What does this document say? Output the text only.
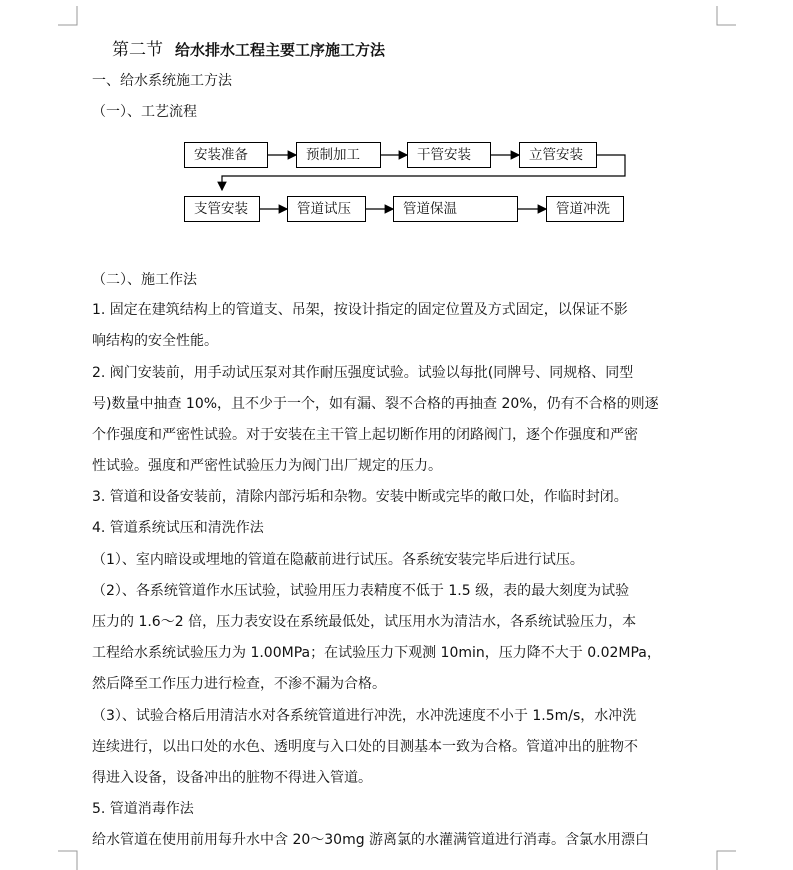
第二节 给水排水工程主要工序施工方法
一、给水系统施工方法
（一）、工艺流程
安装准备	预制加工	干管安装	立管安装
支管安装	管道试压	管道保温	管道冲洗
（二）、施工作法
1. 固定在建筑结构上的管道支、吊架，按设计指定的固定位置及方式固定，以保证不影
响结构的安全性能。
2. 阀门安装前，用手动试压泵对其作耐压强度试验。试验以每批(同牌号、同规格、同型
号)数量中抽查 10%，且不少于一个，如有漏、裂不合格的再抽查 20%，仍有不合格的则逐
个作强度和严密性试验。对于安装在主干管上起切断作用的闭路阀门，逐个作强度和严密
性试验。强度和严密性试验压力为阀门出厂规定的压力。
3. 管道和设备安装前，清除内部污垢和杂物。安装中断或完毕的敞口处，作临时封闭。
4. 管道系统试压和清洗作法
（1）、室内暗设或埋地的管道在隐蔽前进行试压。各系统安装完毕后进行试压。
（2）、各系统管道作水压试验，试验用压力表精度不低于 1.5 级，表的最大刻度为试验
压力的 1.6～2 倍，压力表安设在系统最低处，试压用水为清洁水，各系统试验压力，本
工程给水系统试验压力为 1.00MPa；在试验压力下观测 10min，压力降不大于 0.02MPa，
然后降至工作压力进行检查，不渗不漏为合格。
（3）、试验合格后用清洁水对各系统管道进行冲洗，水冲洗速度不小于 1.5m/s，水冲洗
连续进行，以出口处的水色、透明度与入口处的目测基本一致为合格。管道冲出的脏物不
得进入设备，设备冲出的脏物不得进入管道。
5. 管道消毒作法
给水管道在使用前用每升水中含 20～30mg 游离氯的水灌满管道进行消毒。含氯水用漂白
